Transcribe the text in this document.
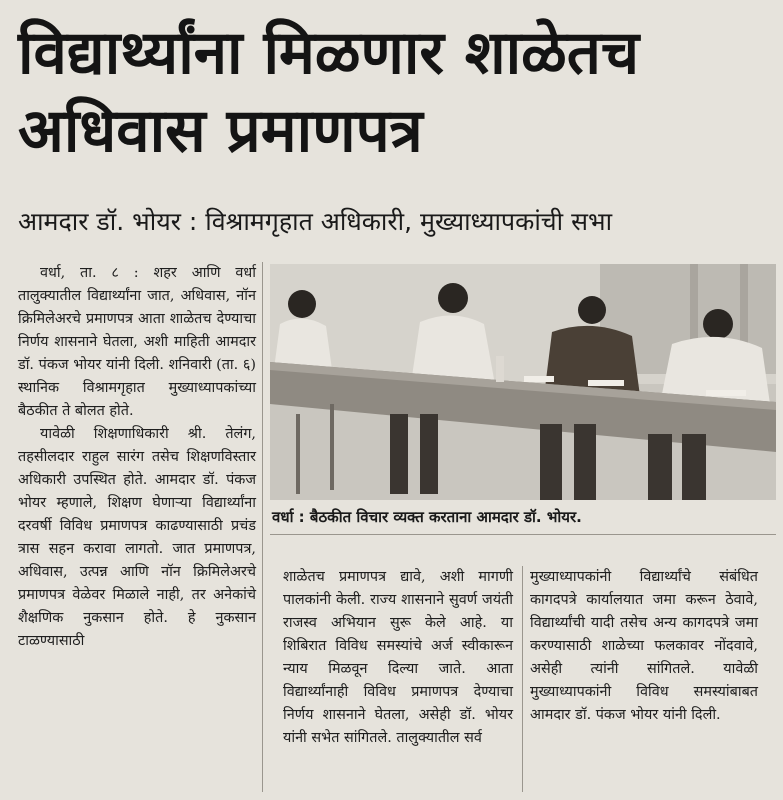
विद्यार्थ्यांना मिळणार शाळेतच अधिवास प्रमाणपत्र
आमदार डॉ. भोयर : विश्रामगृहात अधिकारी, मुख्याध्यापकांची सभा

वर्धा, ता. ८ : शहर आणि वर्धा तालुक्यातील विद्यार्थ्यांना जात, अधिवास, नॉन क्रिमिलेअरचे प्रमाणपत्र आता शाळेतच देण्याचा निर्णय शासनाने घेतला, अशी माहिती आमदार डॉ. पंकज भोयर यांनी दिली. शनिवारी (ता. ६) स्थानिक विश्रामगृहात मुख्याध्यापकांच्या बैठकीत ते बोलत होते.

यावेळी शिक्षणाधिकारी श्री. तेलंग, तहसीलदार राहुल सारंग तसेच शिक्षणविस्तार अधिकारी उपस्थित होते. आमदार डॉ. पंकज भोयर म्हणाले, शिक्षण घेणाऱ्या विद्यार्थ्यांना दरवर्षी विविध प्रमाणपत्र काढण्यासाठी प्रचंड त्रास सहन करावा लागतो. जात प्रमाणपत्र, अधिवास, उत्पन्न आणि नॉन क्रिमिलेअरचे प्रमाणपत्र वेळेवर मिळाले नाही, तर अनेकांचे शैक्षणिक नुकसान होते. हे नुकसान टाळण्यासाठी

वर्धा : बैठकीत विचार व्यक्त करताना आमदार डॉ. भोयर.

शाळेतच प्रमाणपत्र द्यावे, अशी मागणी पालकांनी केली. राज्य शासनाने सुवर्ण जयंती राजस्व अभियान सुरू केले आहे. या शिबिरात विविध समस्यांचे अर्ज स्वीकारून न्याय मिळवून दिल्या जाते. आता विद्यार्थ्यांनाही विविध प्रमाणपत्र देण्याचा निर्णय शासनाने घेतला, असेही डॉ. भोयर यांनी सभेत सांगितले. तालुक्यातील सर्व

मुख्याध्यापकांनी विद्यार्थ्यांचे संबंधित कागदपत्रे कार्यालयात जमा करून ठेवावे, विद्यार्थ्यांची यादी तसेच अन्य कागदपत्रे जमा करण्यासाठी शाळेच्या फलकावर नोंदवावे, असेही त्यांनी सांगितले. यावेळी मुख्याध्यापकांनी विविध समस्यांबाबत आमदार डॉ. पंकज भोयर यांनी दिली.
